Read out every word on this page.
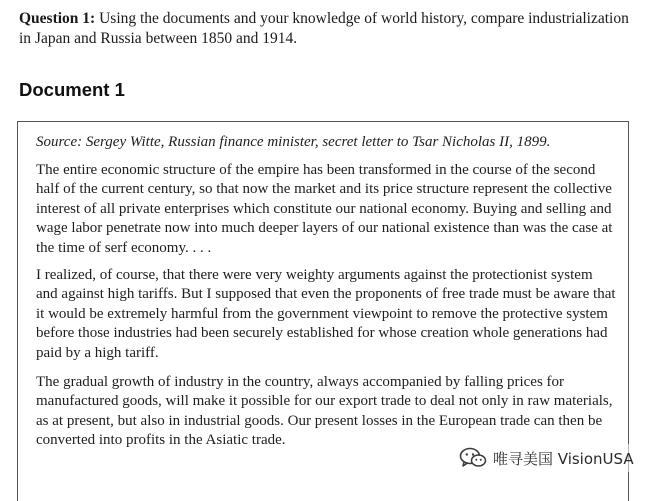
Question 1: Using the documents and your knowledge of world history, compare industrialization in Japan and Russia between 1850 and 1914.
Document 1

Source: Sergey Witte, Russian finance minister, secret letter to Tsar Nicholas II, 1899.

The entire economic structure of the empire has been transformed in the course of the second half of the current century, so that now the market and its price structure represent the collective interest of all private enterprises which constitute our national economy. Buying and selling and wage labor penetrate now into much deeper layers of our national existence than was the case at the time of serf economy. . . .

I realized, of course, that there were very weighty arguments against the protectionist system and against high tariffs. But I supposed that even the proponents of free trade must be aware that it would be extremely harmful from the government viewpoint to remove the protective system before those industries had been securely established for whose creation whole generations had paid by a high tariff.

The gradual growth of industry in the country, always accompanied by falling prices for manufactured goods, will make it possible for our export trade to deal not only in raw materials, as at present, but also in industrial goods. Our present losses in the European trade can then be converted into profits in the Asiatic trade.

唯寻美国 VisionUSA
